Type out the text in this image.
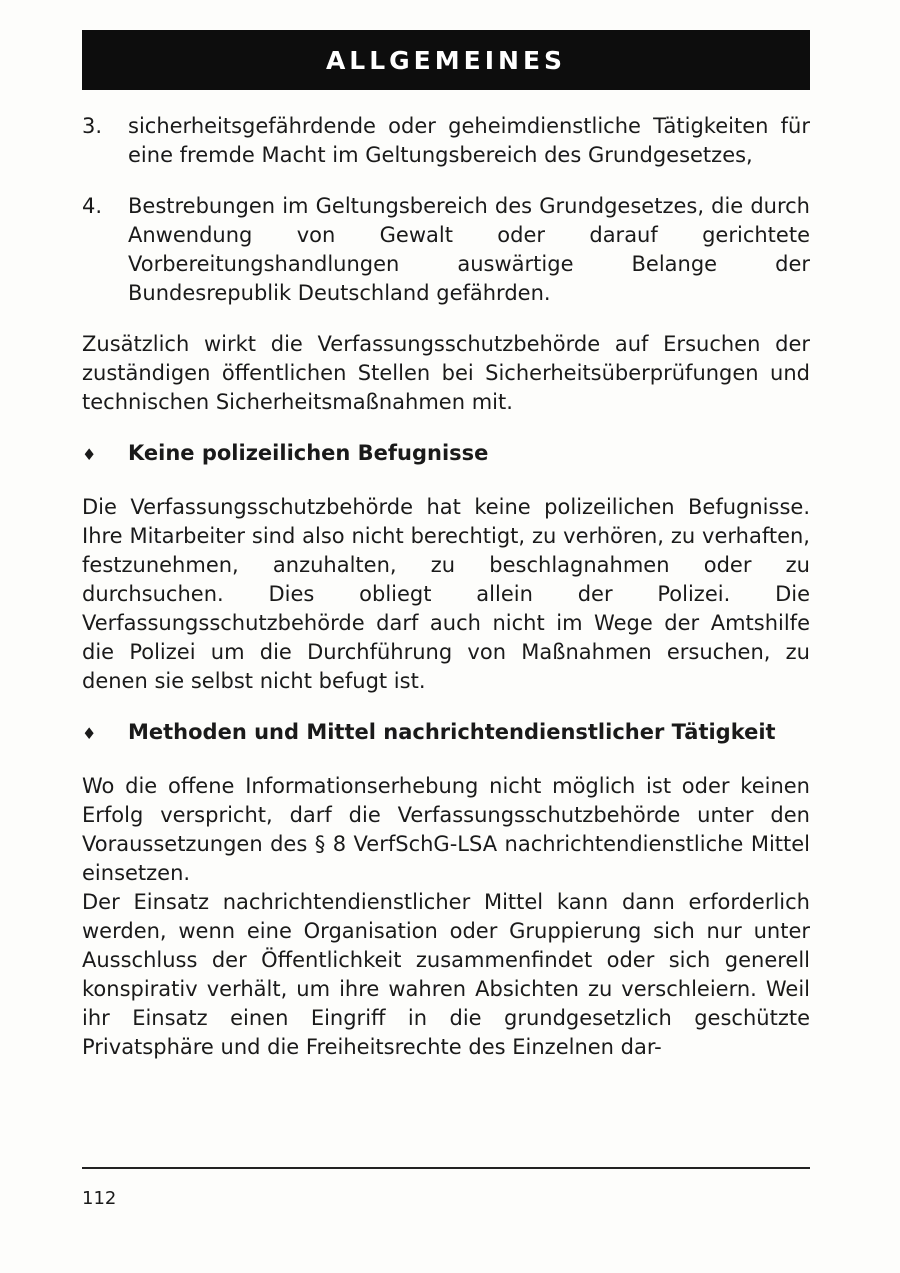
ALLGEMEINES
3.	sicherheitsgefährdende oder geheimdienstliche Tätigkeiten für eine fremde Macht im Geltungsbereich des Grundgesetzes,
4.	Bestrebungen im Geltungsbereich des Grundgesetzes, die durch Anwendung von Gewalt oder darauf gerichtete Vorbereitungshandlungen auswärtige Belange der Bundesrepublik Deutschland gefährden.

Zusätzlich wirkt die Verfassungsschutzbehörde auf Ersuchen der zuständigen öffentlichen Stellen bei Sicherheitsüberprüfungen und technischen Sicherheitsmaßnahmen mit.

♦	Keine polizeilichen Befugnisse

Die Verfassungsschutzbehörde hat keine polizeilichen Befugnisse. Ihre Mitarbeiter sind also nicht berechtigt, zu verhören, zu verhaften, festzunehmen, anzuhalten, zu beschlagnahmen oder zu durchsuchen. Dies obliegt allein der Polizei. Die Verfassungsschutzbehörde darf auch nicht im Wege der Amtshilfe die Polizei um die Durchführung von Maßnahmen ersuchen, zu denen sie selbst nicht befugt ist.

♦	Methoden und Mittel nachrichtendienstlicher Tätigkeit

Wo die offene Informationserhebung nicht möglich ist oder keinen Erfolg verspricht, darf die Verfassungsschutzbehörde unter den Voraussetzungen des § 8 VerfSchG-LSA nachrichtendienstliche Mittel einsetzen.

Der Einsatz nachrichtendienstlicher Mittel kann dann erforderlich werden, wenn eine Organisation oder Gruppierung sich nur unter Ausschluss der Öffentlichkeit zusammenfindet oder sich generell konspirativ verhält, um ihre wahren Absichten zu verschleiern. Weil ihr Einsatz einen Eingriff in die grundgesetzlich geschützte Privatsphäre und die Freiheitsrechte des Einzelnen dar-

112
